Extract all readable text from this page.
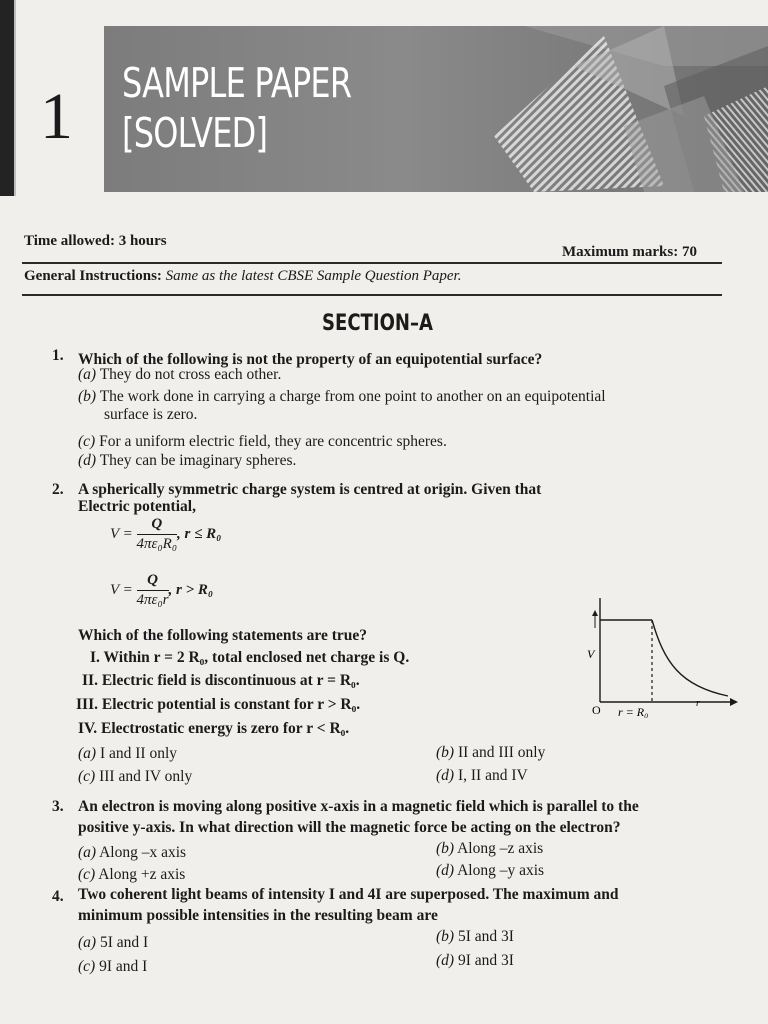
1 SAMPLE PAPER
[SOLVED]
Time allowed: 3 hours
Maximum marks: 70
General Instructions: Same as the latest CBSE Sample Question Paper.
SECTION–A
1. Which of the following is not the property of an equipotential surface?
(a) They do not cross each other.
(b) The work done in carrying a charge from one point to another on an equipotential
surface is zero.
(c) For a uniform electric field, they are concentric spheres.
(d) They can be imaginary spheres.
2. A spherically symmetric charge system is centred at origin. Given that
Electric potential,
$V = \frac{Q}{\text{4πε₀R₀}}$ , r ≤ R₀
$V = \frac{Q}{\text{4πε₀r}}$ , r > R₀
Which of the following statements are true?
I. Within r = 2 R₀, total enclosed net charge is Q.
II. Electric field is discontinuous at r = R₀.
III. Electric potential is constant for r > R₀.
IV. Electrostatic energy is zero for r < R₀.
(a) I and II only	(b) II and III only
(c) III and IV only	(d) I, II and IV
V
O r = R₀
r
3. An electron is moving along positive x-axis in a magnetic field which is parallel to the
positive y-axis. In what direction will the magnetic force be acting on the electron?
(a) Along –x axis	(b) Along –z axis
(c) Along +z axis	(d) Along –y axis
4. Two coherent light beams of intensity I and 4I are superposed. The maximum and
minimum possible intensities in the resulting beam are
(a) 5I and I	(b) 5I and 3I
(c) 9I and I	(d) 9I and 3I
